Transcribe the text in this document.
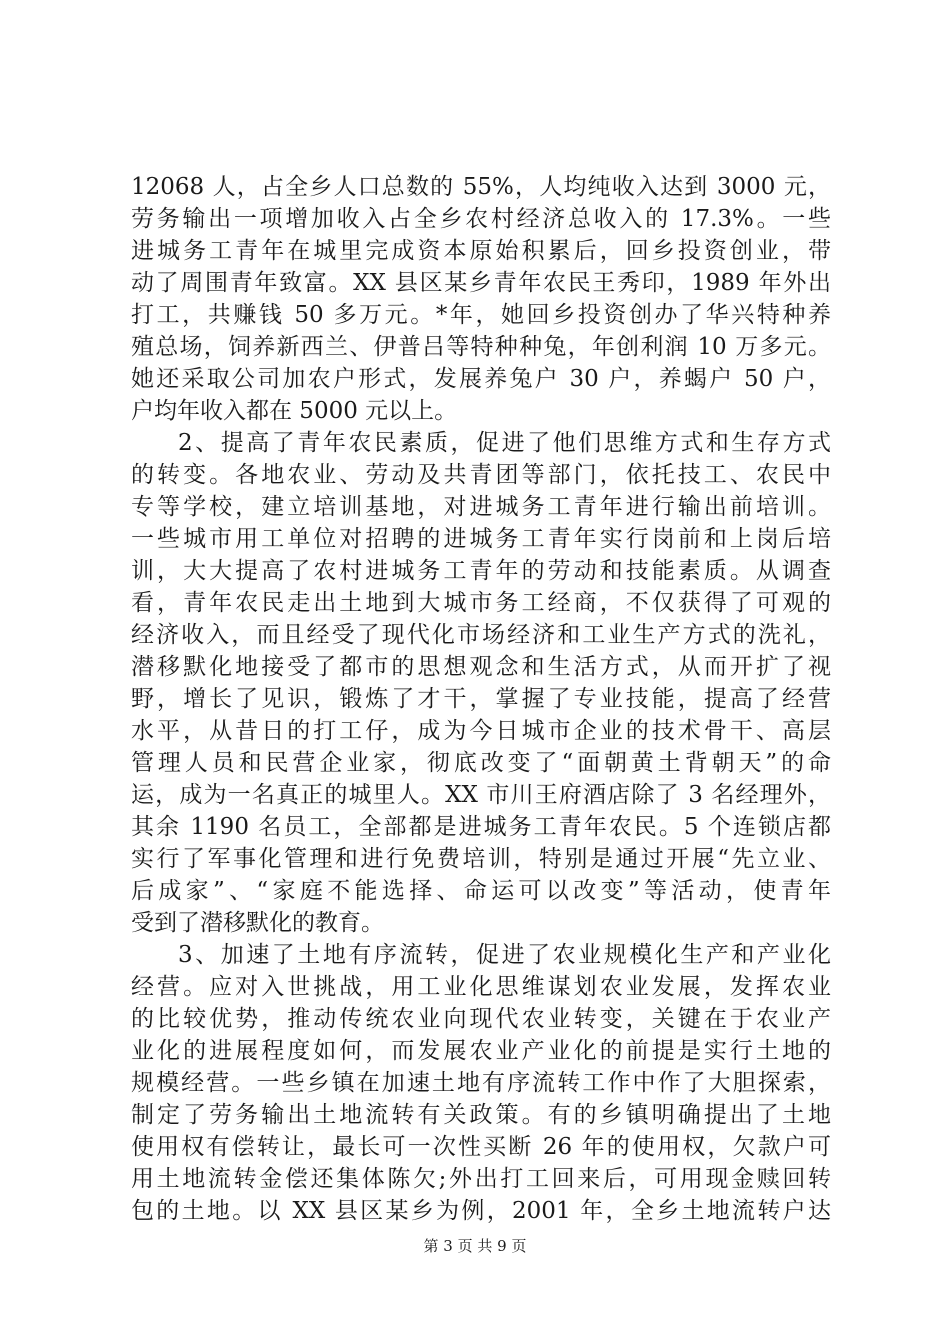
12068 人，占全乡人口总数的 55%，人均纯收入达到 3000 元，
劳务输出一项增加收入占全乡农村经济总收入的 17.3%。一些
进城务工青年在城里完成资本原始积累后，回乡投资创业，带
动了周围青年致富。XX 县区某乡青年农民王秀印，1989 年外出
打工，共赚钱 50 多万元。*年，她回乡投资创办了华兴特种养
殖总场，饲养新西兰、伊普吕等特种种兔，年创利润 10 万多元。
她还采取公司加农户形式，发展养兔户 30 户，养蝎户 50 户，
户均年收入都在 5000 元以上。
2、提高了青年农民素质，促进了他们思维方式和生存方式
的转变。各地农业、劳动及共青团等部门，依托技工、农民中
专等学校，建立培训基地，对进城务工青年进行输出前培训。
一些城市用工单位对招聘的进城务工青年实行岗前和上岗后培
训，大大提高了农村进城务工青年的劳动和技能素质。从调查
看，青年农民走出土地到大城市务工经商，不仅获得了可观的
经济收入，而且经受了现代化市场经济和工业生产方式的洗礼，
潜移默化地接受了都市的思想观念和生活方式，从而开扩了视
野，增长了见识，锻炼了才干，掌握了专业技能，提高了经营
水平，从昔日的打工仔，成为今日城市企业的技术骨干、高层
管理人员和民营企业家，彻底改变了“面朝黄土背朝天”的命
运，成为一名真正的城里人。XX 市川王府酒店除了 3 名经理外，
其余 1190 名员工，全部都是进城务工青年农民。5 个连锁店都
实行了军事化管理和进行免费培训，特别是通过开展“先立业、
后成家”、“家庭不能选择、命运可以改变”等活动，使青年
受到了潜移默化的教育。
3、加速了土地有序流转，促进了农业规模化生产和产业化
经营。应对入世挑战，用工业化思维谋划农业发展，发挥农业
的比较优势，推动传统农业向现代农业转变，关键在于农业产
业化的进展程度如何，而发展农业产业化的前提是实行土地的
规模经营。一些乡镇在加速土地有序流转工作中作了大胆探索，
制定了劳务输出土地流转有关政策。有的乡镇明确提出了土地
使用权有偿转让，最长可一次性买断 26 年的使用权，欠款户可
用土地流转金偿还集体陈欠;外出打工回来后，可用现金赎回转
包的土地。以 XX 县区某乡为例，2001 年，全乡土地流转户达
第 3 页 共 9 页
